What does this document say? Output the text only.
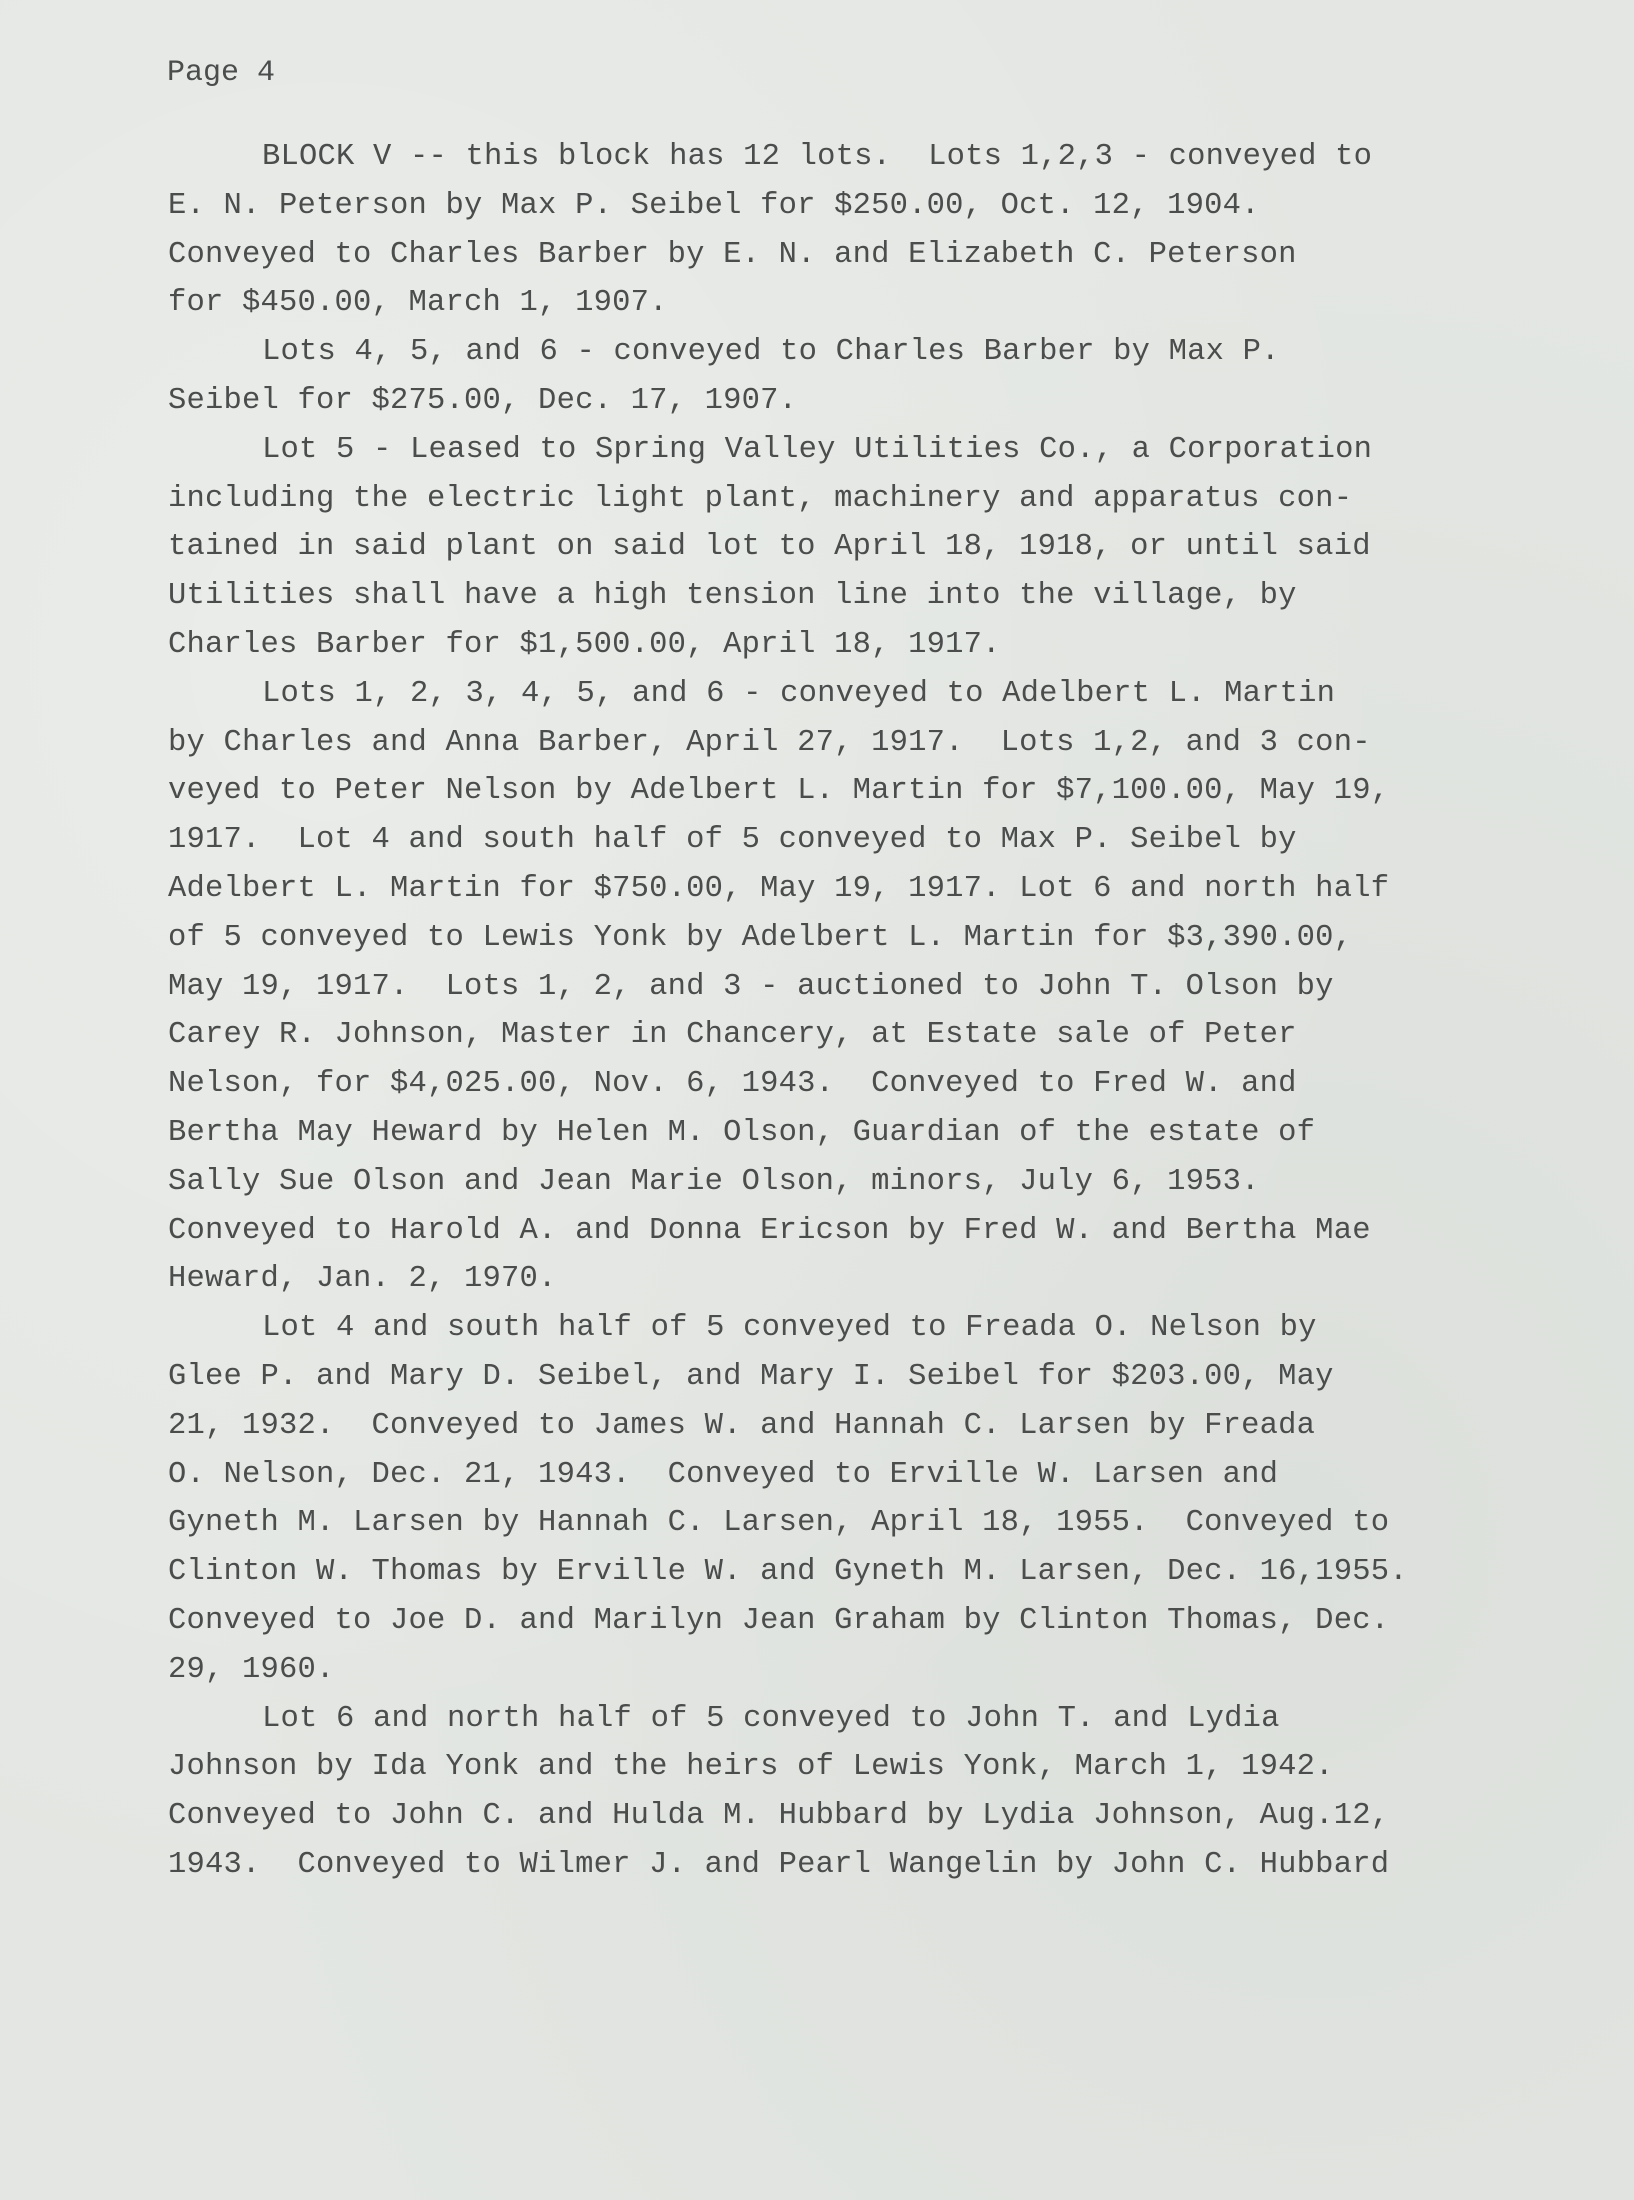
Page 4
BLOCK V -- this block has 12 lots.  Lots 1,2,3 - conveyed to
E. N. Peterson by Max P. Seibel for $250.00, Oct. 12, 1904.
Conveyed to Charles Barber by E. N. and Elizabeth C. Peterson
for $450.00, March 1, 1907.
Lots 4, 5, and 6 - conveyed to Charles Barber by Max P.
Seibel for $275.00, Dec. 17, 1907.
Lot 5 - Leased to Spring Valley Utilities Co., a Corporation
including the electric light plant, machinery and apparatus con-
tained in said plant on said lot to April 18, 1918, or until said
Utilities shall have a high tension line into the village, by
Charles Barber for $1,500.00, April 18, 1917.
Lots 1, 2, 3, 4, 5, and 6 - conveyed to Adelbert L. Martin
by Charles and Anna Barber, April 27, 1917.  Lots 1,2, and 3 con-
veyed to Peter Nelson by Adelbert L. Martin for $7,100.00, May 19,
1917.  Lot 4 and south half of 5 conveyed to Max P. Seibel by
Adelbert L. Martin for $750.00, May 19, 1917. Lot 6 and north half
of 5 conveyed to Lewis Yonk by Adelbert L. Martin for $3,390.00,
May 19, 1917.  Lots 1, 2, and 3 - auctioned to John T. Olson by
Carey R. Johnson, Master in Chancery, at Estate sale of Peter
Nelson, for $4,025.00, Nov. 6, 1943.  Conveyed to Fred W. and
Bertha May Heward by Helen M. Olson, Guardian of the estate of
Sally Sue Olson and Jean Marie Olson, minors, July 6, 1953.
Conveyed to Harold A. and Donna Ericson by Fred W. and Bertha Mae
Heward, Jan. 2, 1970.
Lot 4 and south half of 5 conveyed to Freada O. Nelson by
Glee P. and Mary D. Seibel, and Mary I. Seibel for $203.00, May
21, 1932.  Conveyed to James W. and Hannah C. Larsen by Freada
O. Nelson, Dec. 21, 1943.  Conveyed to Erville W. Larsen and
Gyneth M. Larsen by Hannah C. Larsen, April 18, 1955.  Conveyed to
Clinton W. Thomas by Erville W. and Gyneth M. Larsen, Dec. 16,1955.
Conveyed to Joe D. and Marilyn Jean Graham by Clinton Thomas, Dec.
29, 1960.
Lot 6 and north half of 5 conveyed to John T. and Lydia
Johnson by Ida Yonk and the heirs of Lewis Yonk, March 1, 1942.
Conveyed to John C. and Hulda M. Hubbard by Lydia Johnson, Aug.12,
1943.  Conveyed to Wilmer J. and Pearl Wangelin by John C. Hubbard
